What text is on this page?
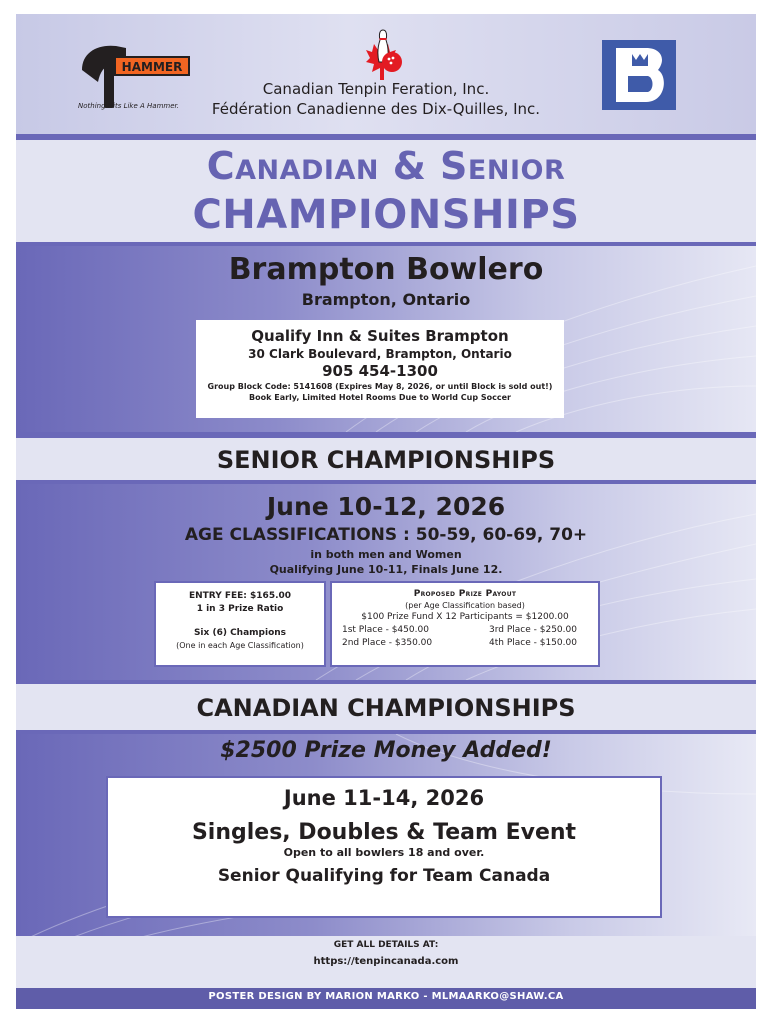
HAMMER
Nothing Hits Like A Hammer.
Canadian Tenpin Feration, Inc.
Fédération Canadienne des Dix-Quilles, Inc.
Canadian & Senior
CHAMPIONSHIPS
Brampton Bowlero
Brampton, Ontario
Qualify Inn & Suites Brampton
30 Clark Boulevard, Brampton, Ontario
905 454-1300
Group Block Code: 5141608 (Expires May 8, 2026, or until Block is sold out!)
Book Early, Limited Hotel Rooms Due to World Cup Soccer
SENIOR CHAMPIONSHIPS
June 10-12, 2026
AGE CLASSIFICATIONS : 50-59, 60-69, 70+
in both men and Women
Qualifying June 10-11, Finals June 12.
ENTRY FEE: $165.00
1 in 3 Prize Ratio
Six (6) Champions
(One in each Age Classification)
Proposed Prize Payout
(per Age Classification based)
$100 Prize Fund X 12 Participants = $1200.00
1st Place - $450.00	3rd Place - $250.00
2nd Place - $350.00	4th Place - $150.00
CANADIAN CHAMPIONSHIPS
$2500 Prize Money Added!
June 11-14, 2026
Singles, Doubles & Team Event
Open to all bowlers 18 and over.
Senior Qualifying for Team Canada
GET ALL DETAILS AT:
https://tenpincanada.com
POSTER DESIGN BY MARION MARKO - MLMAARKO@SHAW.CA
